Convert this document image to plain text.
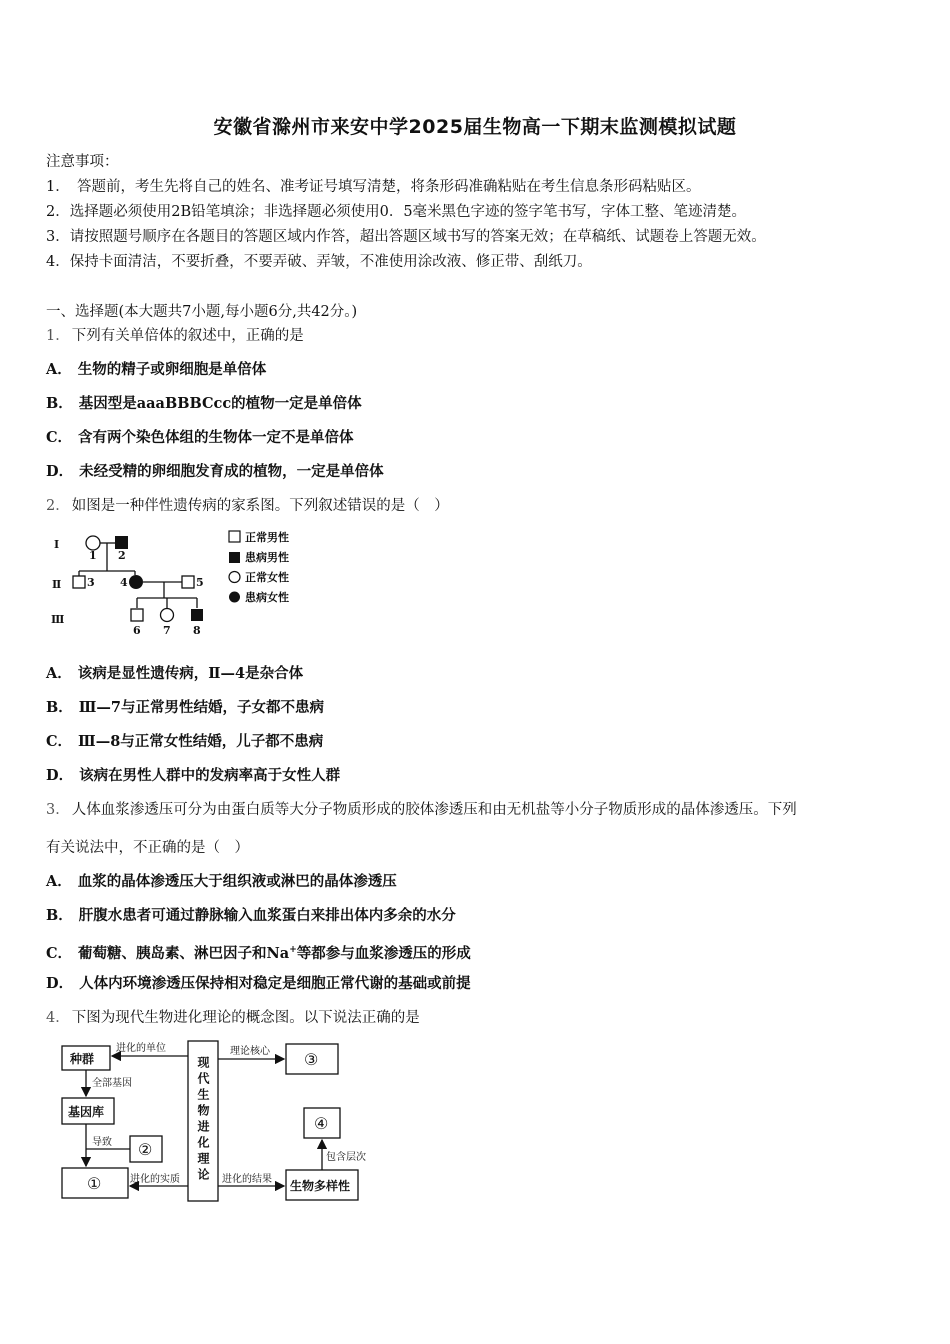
安徽省滁州市来安中学2025届生物高一下期末监测模拟试题
注意事项：
1．　答题前，考生先将自己的姓名、准考证号填写清楚，将条形码准确粘贴在考生信息条形码粘贴区。
2．选择题必须使用2B铅笔填涂；非选择题必须使用0．5毫米黑色字迹的签字笔书写，字体工整、笔迹清楚。
3．请按照题号顺序在各题目的答题区域内作答，超出答题区域书写的答案无效；在草稿纸、试题卷上答题无效。
4．保持卡面清洁，不要折叠，不要弄破、弄皱，不准使用涂改液、修正带、刮纸刀。
一、选择题(本大题共7小题,每小题6分,共42分。)
1． 下列有关单倍体的叙述中，正确的是
A． 生物的精子或卵细胞是单倍体
B． 基因型是aaaBBBCcc的植物一定是单倍体
C． 含有两个染色体组的生物体一定不是单倍体
D． 未经受精的卵细胞发育成的植物，一定是单倍体
2． 如图是一种伴性遗传病的家系图。下列叙述错误的是（　）
I
Ⅱ
Ⅲ
1 2
3 4	5
6 7 8
正常男性
患病男性
正常女性
患病女性
A． 该病是显性遗传病，Ⅱ—4是杂合体
B． Ⅲ—7与正常男性结婚，子女都不患病
C． Ⅲ—8与正常女性结婚，儿子都不患病
D． 该病在男性人群中的发病率高于女性人群
3． 人体血浆渗透压可分为由蛋白质等大分子物质形成的胶体渗透压和由无机盐等小分子物质形成的晶体渗透压。下列
有关说法中，不正确的是（　）
A． 血浆的晶体渗透压大于组织液或淋巴的晶体渗透压
B． 肝腹水患者可通过静脉输入血浆蛋白来排出体内多余的水分
C． 葡萄糖、胰岛素、淋巴因子和Na+等都参与血浆渗透压的形成
D． 人体内环境渗透压保持相对稳定是细胞正常代谢的基础或前提
4． 下图为现代生物进化理论的概念图。以下说法正确的是
种群
基因库
生物多样性
①
②
③
④
现代生物进化理论
进化的单位
全部基因
导致
进化的实质
理论核心
进化的结果
包含层次
